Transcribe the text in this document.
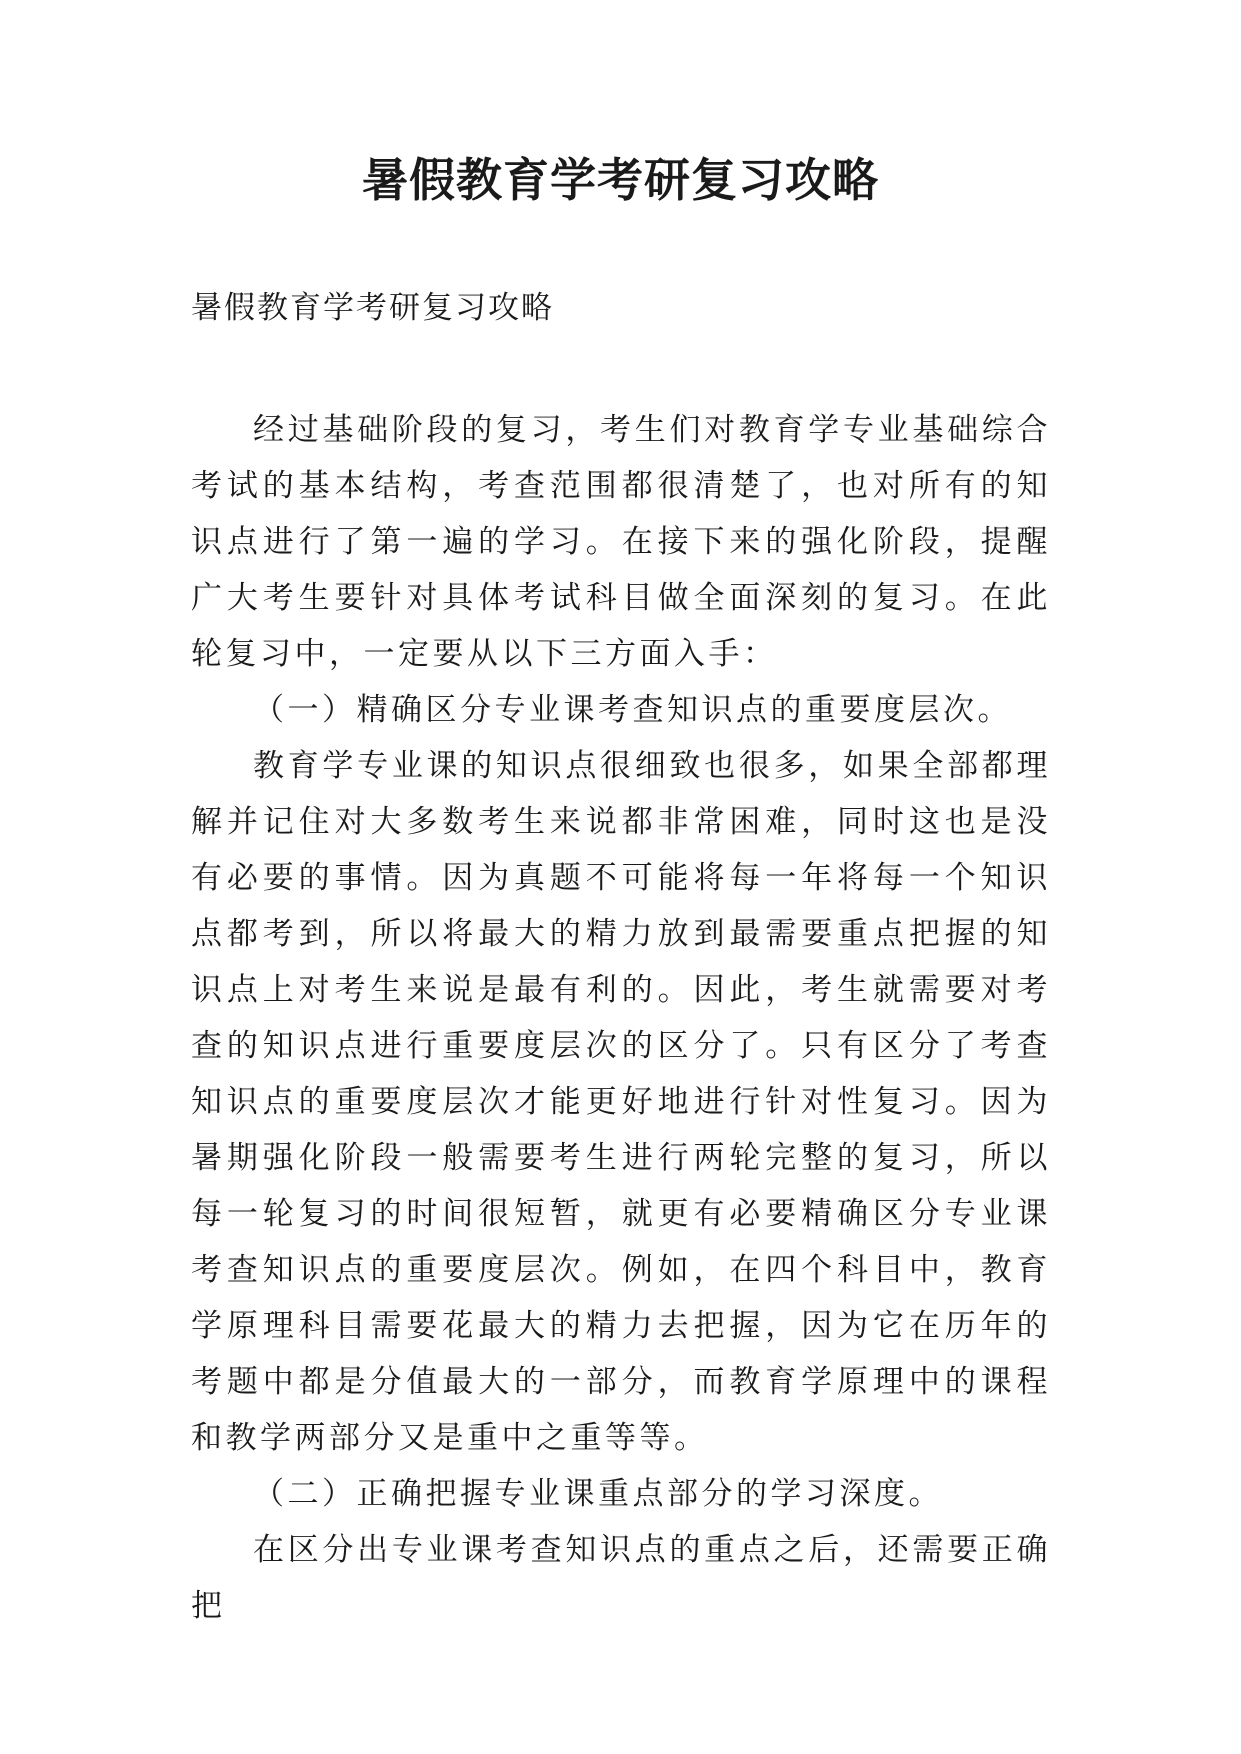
暑假教育学考研复习攻略

暑假教育学考研复习攻略

经过基础阶段的复习，考生们对教育学专业基础综合考试的基本结构，考查范围都很清楚了，也对所有的知识点进行了第一遍的学习。在接下来的强化阶段，提醒广大考生要针对具体考试科目做全面深刻的复习。在此轮复习中，一定要从以下三方面入手：

（一）精确区分专业课考查知识点的重要度层次。

教育学专业课的知识点很细致也很多，如果全部都理解并记住对大多数考生来说都非常困难，同时这也是没有必要的事情。因为真题不可能将每一年将每一个知识点都考到，所以将最大的精力放到最需要重点把握的知识点上对考生来说是最有利的。因此，考生就需要对考查的知识点进行重要度层次的区分了。只有区分了考查知识点的重要度层次才能更好地进行针对性复习。因为暑期强化阶段一般需要考生进行两轮完整的复习，所以每一轮复习的时间很短暂，就更有必要精确区分专业课考查知识点的重要度层次。例如，在四个科目中，教育学原理科目需要花最大的精力去把握，因为它在历年的考题中都是分值最大的一部分，而教育学原理中的课程和教学两部分又是重中之重等等。

（二）正确把握专业课重点部分的学习深度。

在区分出专业课考查知识点的重点之后，还需要正确把
